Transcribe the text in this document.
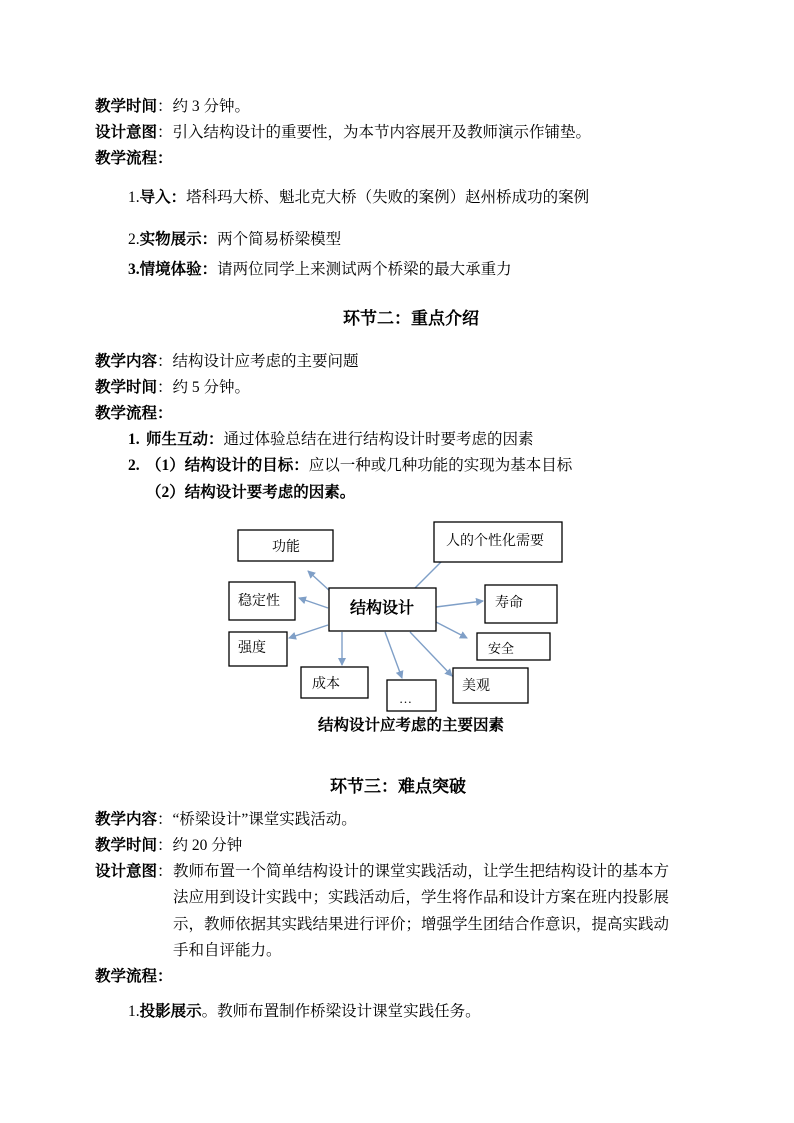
教学时间：约 3 分钟。
设计意图：引入结构设计的重要性，为本节内容展开及教师演示作铺垫。
教学流程：
1.导入：塔科玛大桥、魁北克大桥（失败的案例）赵州桥成功的案例
2.实物展示：两个简易桥梁模型
3.情境体验：请两位同学上来测试两个桥梁的最大承重力
环节二：重点介绍
教学内容：结构设计应考虑的主要问题
教学时间：约 5 分钟。
教学流程：
1. 师生互动：通过体验总结在进行结构设计时要考虑的因素
2. （1）结构设计的目标：应以一种或几种功能的实现为基本目标
（2）结构设计要考虑的因素。
功能	人的个性化需要
稳定性	结构设计	寿命
强度	安全
成本
…
美观
结构设计应考虑的主要因素
环节三：难点突破
教学内容：“桥梁设计”课堂实践活动。
教学时间：约 20 分钟
设计意图： 教师布置一个简单结构设计的课堂实践活动，让学生把结构设计的基本方
法应用到设计实践中；实践活动后，学生将作品和设计方案在班内投影展
示，教师依据其实践结果进行评价；增强学生团结合作意识，提高实践动
手和自评能力。
教学流程：
1.投影展示。教师布置制作桥梁设计课堂实践任务。
